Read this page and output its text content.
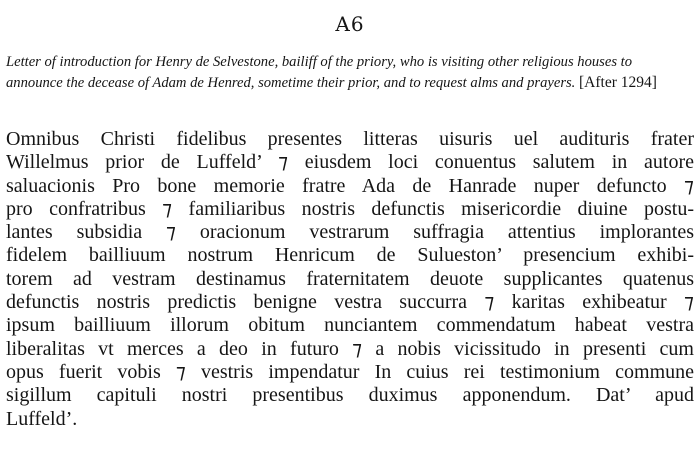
A6
Letter of introduction for Henry de Selvestone, bailiff of the priory, who is visiting other religious houses to announce the decease of Adam de Henred, sometime their prior, and to request alms and prayers. [After 1294]
Omnibus Christi fidelibus presentes litteras uisuris uel audituris frater
Willelmus prior de Luffeld’ ⁊ eiusdem loci conuentus salutem in autore
saluacionis Pro bone memorie fratre Ada de Hanrade nuper defuncto ⁊
pro confratribus ⁊ familiaribus nostris defunctis misericordie diuine postu-
lantes subsidia ⁊ oracionum vestrarum suffragia attentius implorantes
fidelem bailliuum nostrum Henricum de Sulueston’ presencium exhibi-
torem ad vestram destinamus fraternitatem deuote supplicantes quatenus
defunctis nostris predictis benigne vestra succurra ⁊ karitas exhibeatur ⁊
ipsum bailliuum illorum obitum nunciantem commendatum habeat vestra
liberalitas vt merces a deo in futuro ⁊ a nobis vicissitudo in presenti cum
opus fuerit vobis ⁊ vestris impendatur In cuius rei testimonium commune
sigillum capituli nostri presentibus duximus apponendum. Dat’ apud
Luffeld’.
